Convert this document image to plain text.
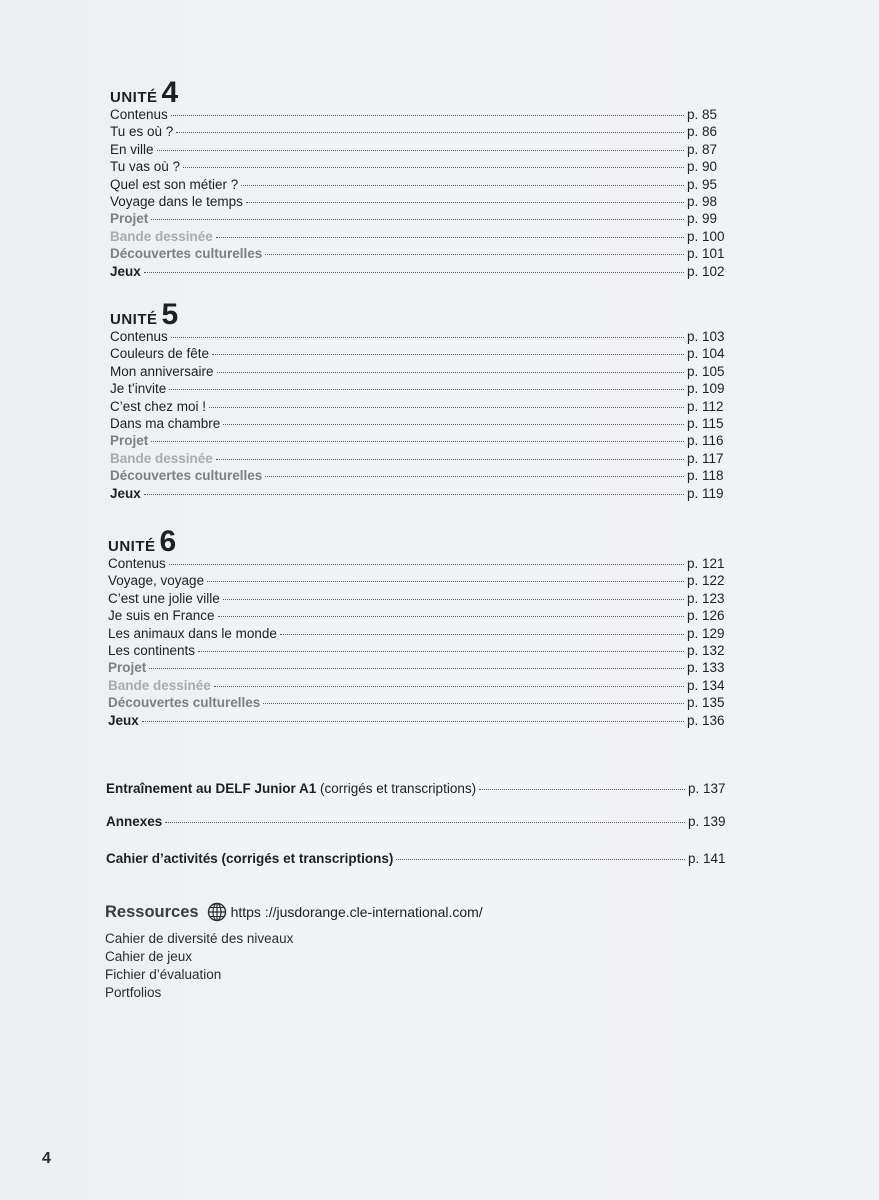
UNITÉ 4
Contenus	p. 85
Tu es où ?	p. 86
En ville	p. 87
Tu vas où ?	p. 90
Quel est son métier ?	p. 95
Voyage dans le temps	p. 98
Projet	p. 99
Bande dessinée	p. 100
Découvertes culturelles	p. 101
Jeux	p. 102
UNITÉ 5
Contenus	p. 103
Couleurs de fête	p. 104
Mon anniversaire	p. 105
Je t’invite	p. 109
C’est chez moi !	p. 112
Dans ma chambre	p. 115
Projet	p. 116
Bande dessinée	p. 117
Découvertes culturelles	p. 118
Jeux	p. 119
UNITÉ 6
Contenus	p. 121
Voyage, voyage	p. 122
C’est une jolie ville	p. 123
Je suis en France	p. 126
Les animaux dans le monde	p. 129
Les continents	p. 132
Projet	p. 133
Bande dessinée	p. 134
Découvertes culturelles	p. 135
Jeux	p. 136
Entraînement au DELF Junior A1 (corrigés et transcriptions)	p. 137
Annexes	p. 139
Cahier d’activités (corrigés et transcriptions)	p. 141
Ressources https ://jusdorange.cle-international.com/
Cahier de diversité des niveaux
Cahier de jeux
Fichier d’évaluation
Portfolios
4
